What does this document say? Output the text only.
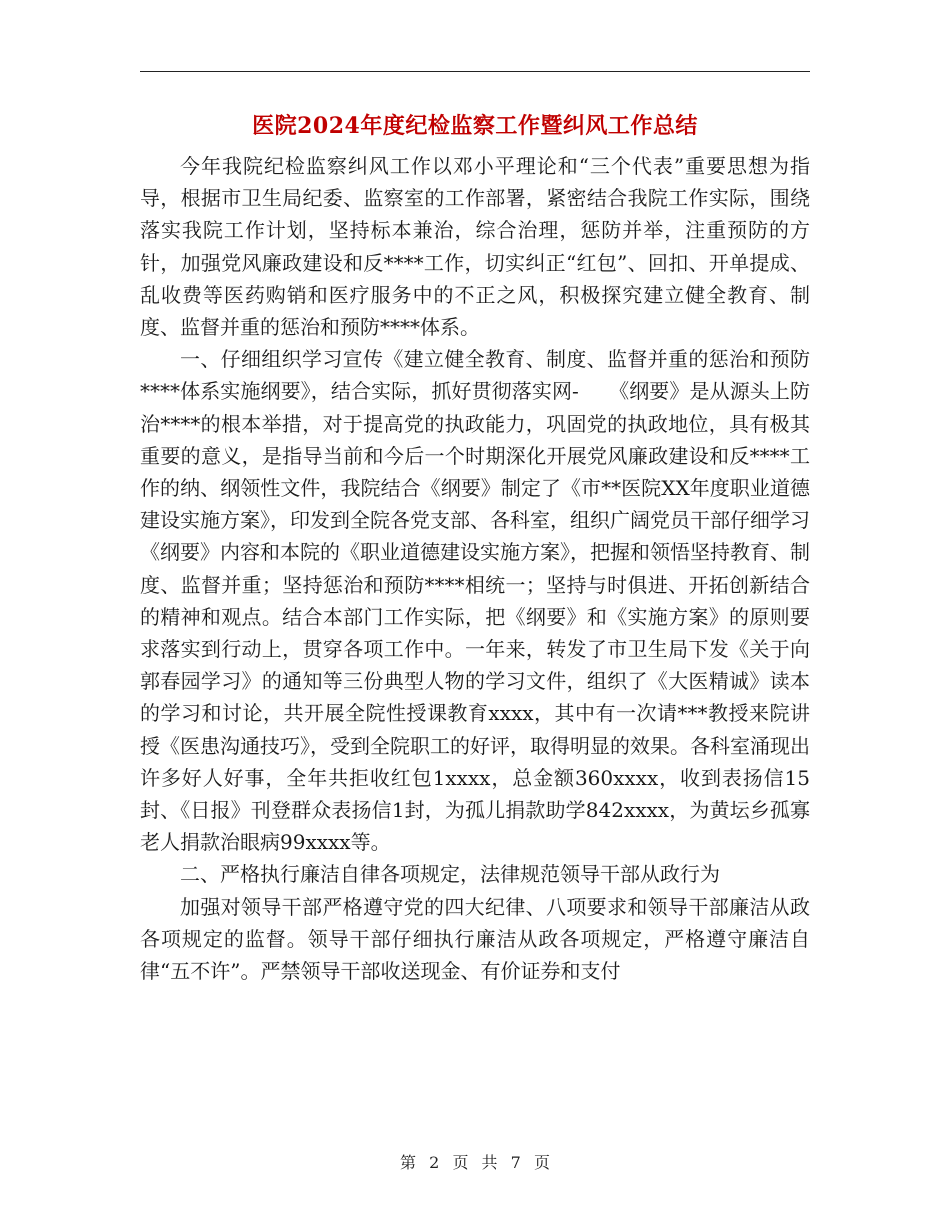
医院2024年度纪检监察工作暨纠风工作总结

今年我院纪检监察纠风工作以邓小平理论和“三个代表”重要思想为指导，根据市卫生局纪委、监察室的工作部署，紧密结合我院工作实际，围绕落实我院工作计划，坚持标本兼治，综合治理，惩防并举，注重预防的方针，加强党风廉政建设和反****工作，切实纠正“红包”、回扣、开单提成、乱收费等医药购销和医疗服务中的不正之风，积极探究建立健全教育、制度、监督并重的惩治和预防****体系。

一、仔细组织学习宣传《建立健全教育、制度、监督并重的惩治和预防****体系实施纲要》，结合实际，抓好贯彻落实网-　　《纲要》是从源头上防治****的根本举措，对于提高党的执政能力，巩固党的执政地位，具有极其重要的意义，是指导当前和今后一个时期深化开展党风廉政建设和反****工作的纳、纲领性文件，我院结合《纲要》制定了《市**医院XX年度职业道德建设实施方案》，印发到全院各党支部、各科室，组织广阔党员干部仔细学习《纲要》内容和本院的《职业道德建设实施方案》，把握和领悟坚持教育、制度、监督并重；坚持惩治和预防****相统一；坚持与时俱进、开拓创新结合的精神和观点。结合本部门工作实际，把《纲要》和《实施方案》的原则要求落实到行动上，贯穿各项工作中。一年来，转发了市卫生局下发《关于向郭春园学习》的通知等三份典型人物的学习文件，组织了《大医精诚》读本的学习和讨论，共开展全院性授课教育xxxx，其中有一次请***教授来院讲授《医患沟通技巧》，受到全院职工的好评，取得明显的效果。各科室涌现出许多好人好事，全年共拒收红包1xxxx，总金额360xxxx，收到表扬信15封、《日报》刊登群众表扬信1封，为孤儿捐款助学842xxxx，为黄坛乡孤寡老人捐款治眼病99xxxx等。

二、严格执行廉洁自律各项规定，法律规范领导干部从政行为

加强对领导干部严格遵守党的四大纪律、八项要求和领导干部廉洁从政各项规定的监督。领导干部仔细执行廉洁从政各项规定，严格遵守廉洁自律“五不许”。严禁领导干部收送现金、有价证券和支付

第 2 页 共 7 页
